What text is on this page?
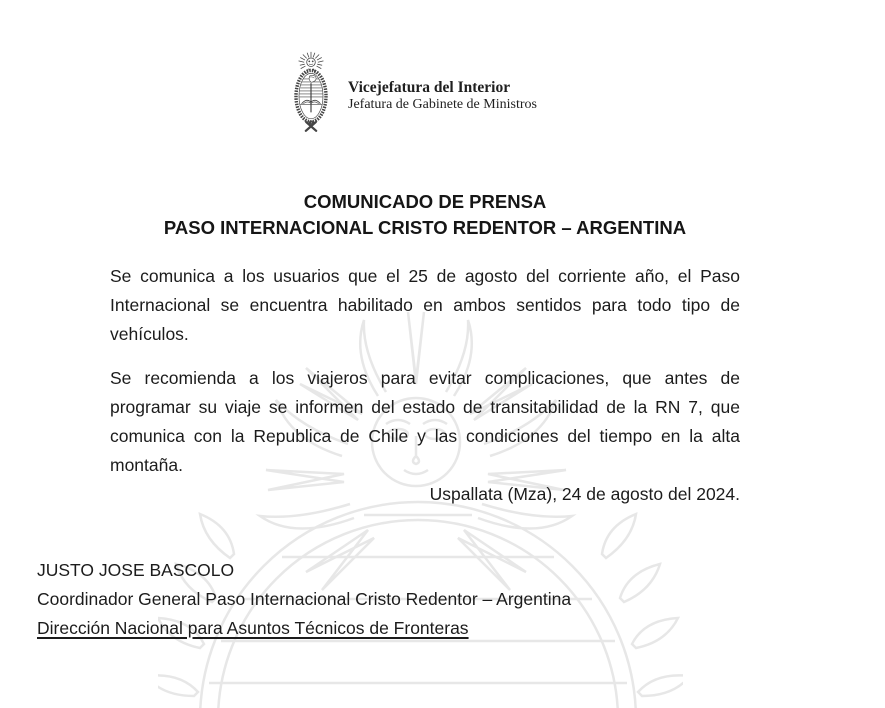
Vicejefatura del Interior
Jefatura de Gabinete de Ministros
COMUNICADO DE PRENSA
PASO INTERNACIONAL CRISTO REDENTOR – ARGENTINA
Se comunica a los usuarios que el 25 de agosto del corriente año, el Paso
Internacional se encuentra habilitado en ambos sentidos para todo tipo de
vehículos.
Se recomienda a los viajeros para evitar complicaciones, que antes de
programar su viaje se informen del estado de transitabilidad de la RN 7, que
comunica con la Republica de Chile y las condiciones del tiempo en la alta
montaña.
Uspallata (Mza), 24 de agosto del 2024.
JUSTO JOSE BASCOLO
Coordinador General Paso Internacional Cristo Redentor – Argentina
Dirección Nacional para Asuntos Técnicos de Fronteras
